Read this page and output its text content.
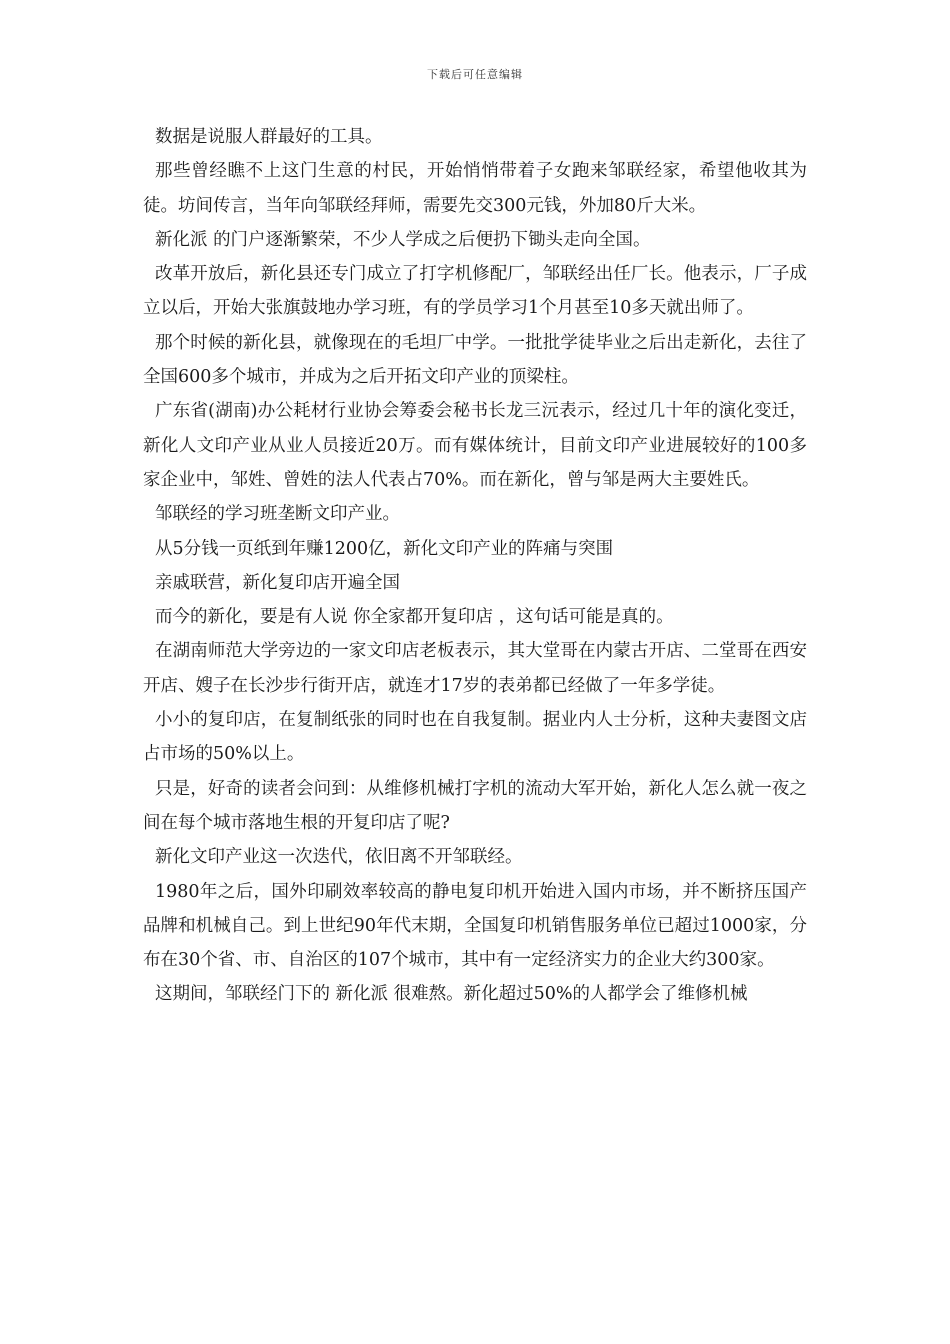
下载后可任意编辑

数据是说服人群最好的工具。

那些曾经瞧不上这门生意的村民，开始悄悄带着子女跑来邹联经家，希望他收其为徒。坊间传言，当年向邹联经拜师，需要先交300元钱，外加80斤大米。

新化派 的门户逐渐繁荣，不少人学成之后便扔下锄头走向全国。

改革开放后，新化县还专门成立了打字机修配厂，邹联经出任厂长。他表示，厂子成立以后，开始大张旗鼓地办学习班，有的学员学习1个月甚至10多天就出师了。

那个时候的新化县，就像现在的毛坦厂中学。一批批学徒毕业之后出走新化，去往了全国600多个城市，并成为之后开拓文印产业的顶梁柱。

广东省(湖南)办公耗材行业协会筹委会秘书长龙三沅表示，经过几十年的演化变迁，新化人文印产业从业人员接近20万。而有媒体统计，目前文印产业进展较好的100多家企业中，邹姓、曾姓的法人代表占70%。而在新化，曾与邹是两大主要姓氏。

邹联经的学习班垄断文印产业。

从5分钱一页纸到年赚1200亿，新化文印产业的阵痛与突围

亲戚联营，新化复印店开遍全国

而今的新化，要是有人说 你全家都开复印店 ，这句话可能是真的。

在湖南师范大学旁边的一家文印店老板表示，其大堂哥在内蒙古开店、二堂哥在西安开店、嫂子在长沙步行街开店，就连才17岁的表弟都已经做了一年多学徒。

小小的复印店，在复制纸张的同时也在自我复制。据业内人士分析，这种夫妻图文店占市场的50%以上。

只是，好奇的读者会问到：从维修机械打字机的流动大军开始，新化人怎么就一夜之间在每个城市落地生根的开复印店了呢?

新化文印产业这一次迭代，依旧离不开邹联经。

1980年之后，国外印刷效率较高的静电复印机开始进入国内市场，并不断挤压国产品牌和机械自己。到上世纪90年代末期，全国复印机销售服务单位已超过1000家，分布在30个省、市、自治区的107个城市，其中有一定经济实力的企业大约300家。

这期间，邹联经门下的 新化派 很难熬。新化超过50%的人都学会了维修机械
